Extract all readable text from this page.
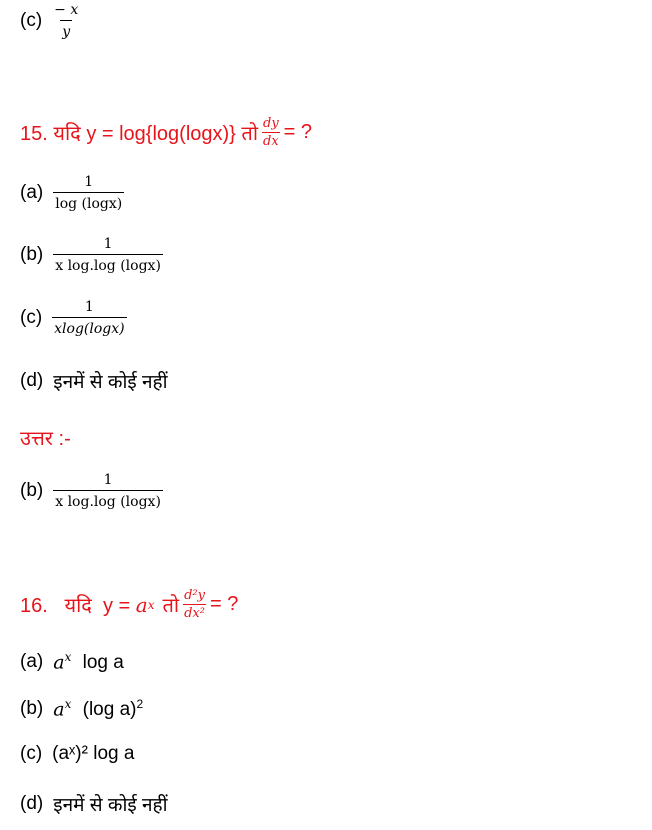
$(c) \frac{- x}{y}$
15. यदि y = log{log(logx)} तो $\frac{dy}{dx}$ = ?
$(a) \frac{1}{\log (\log x)}$
$(b) \frac{1}{\text{x log.log (logx)}}$
$(c) \frac{1}{xlog(\log x)}$
(d) इनमें से कोई नहीं
उत्तर :-
$(b) \frac{1}{\text{x log.log (logx)}}$
16.   यदि  y = a x तो $\frac{\text{d²y}}{\text{dx²}}$ = ?
(a) $a^x$ log a
(b) $a^x$ (log a)$^2$
(c) (aˣ)² log a
(d) इनमें से कोई नहीं
